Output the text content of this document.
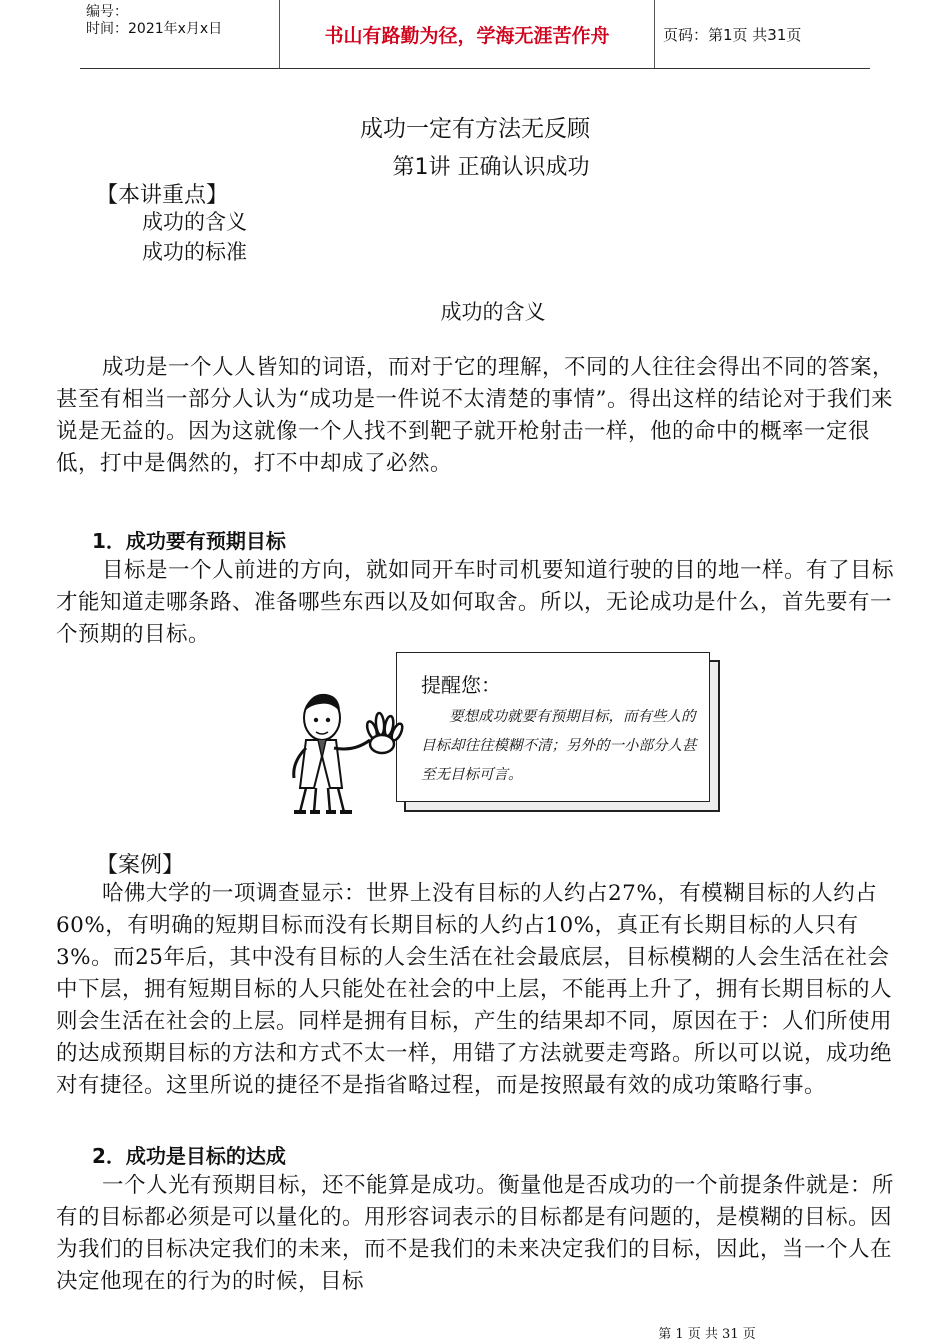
编号：
时间：2021年x月x日	书山有路勤为径，学海无涯苦作舟	页码：第1页 共31页
成功一定有方法无反顾
第1讲 正确认识成功
【本讲重点】
成功的含义
成功的标准
成功的含义

成功是一个人人皆知的词语，而对于它的理解，不同的人往往会得出不同的答案，甚至有相当一部分人认为“成功是一件说不太清楚的事情”。得出这样的结论对于我们来说是无益的。因为这就像一个人找不到靶子就开枪射击一样，他的命中的概率一定很低，打中是偶然的，打不中却成了必然。

1．成功要有预期目标

目标是一个人前进的方向，就如同开车时司机要知道行驶的目的地一样。有了目标才能知道走哪条路、准备哪些东西以及如何取舍。所以，无论成功是什么，首先要有一个预期的目标。

提醒您：
要想成功就要有预期目标，而有些人的目标却往往模糊不清；另外的一小部分人甚至无目标可言。
【案例】

哈佛大学的一项调查显示：世界上没有目标的人约占27%，有模糊目标的人约占60%，有明确的短期目标而没有长期目标的人约占10%，真正有长期目标的人只有3%。而25年后，其中没有目标的人会生活在社会最底层，目标模糊的人会生活在社会中下层，拥有短期目标的人只能处在社会的中上层，不能再上升了，拥有长期目标的人则会生活在社会的上层。同样是拥有目标，产生的结果却不同，原因在于：人们所使用的达成预期目标的方法和方式不太一样，用错了方法就要走弯路。所以可以说，成功绝对有捷径。这里所说的捷径不是指省略过程，而是按照最有效的成功策略行事。

2．成功是目标的达成

一个人光有预期目标，还不能算是成功。衡量他是否成功的一个前提条件就是：所有的目标都必须是可以量化的。用形容词表示的目标都是有问题的，是模糊的目标。因为我们的目标决定我们的未来，而不是我们的未来决定我们的目标，因此，当一个人在决定他现在的行为的时候，目标

第 1 页 共 31 页
